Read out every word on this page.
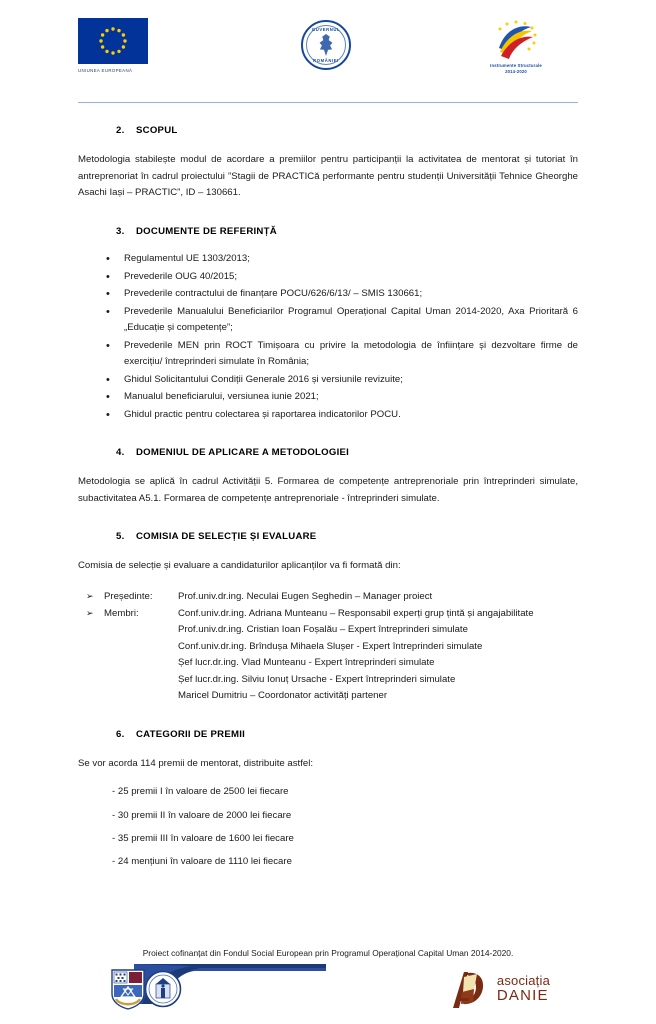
UNIUNEA EUROPEANĂ
GUVERNUL
ROMÂNIEI
Instrumente Structurale
2014-2020
2. SCOPUL

Metodologia stabilește modul de acordare a premiilor pentru participanții la activitatea de mentorat și tutoriat în antreprenoriat în cadrul proiectului ”Stagii de PRACTICă performante pentru studenții Universității Tehnice Gheorghe Asachi Iași – PRACTIC”, ID – 130661.

3. DOCUMENTE DE REFERINȚĂ
• Regulamentul UE 1303/2013;
• Prevederile OUG 40/2015;
• Prevederile contractului de finanțare POCU/626/6/13/ – SMIS 130661;
• Prevederile Manualului Beneficiarilor Programul Operațional Capital Uman 2014-2020, Axa Prioritară 6 „Educație și competențe”;
• Prevederile MEN prin ROCT Timișoara cu privire la metodologia de înființare și dezvoltare firme de exercițiu/ întreprinderi simulate în România;
• Ghidul Solicitantului Condiții Generale 2016 și versiunile revizuite;
• Manualul beneficiarului, versiunea iunie 2021;
• Ghidul practic pentru colectarea și raportarea indicatorilor POCU.
4. DOMENIUL DE APLICARE A METODOLOGIEI

Metodologia se aplică în cadrul Activității 5. Formarea de competențe antreprenoriale prin întreprinderi simulate, subactivitatea A5.1. Formarea de competențe antreprenoriale - întreprinderi simulate.

5. COMISIA DE SELECȚIE ȘI EVALUARE

Comisia de selecție și evaluare a candidaturilor aplicanților va fi formată din:

➢	Președinte:	Prof.univ.dr.ing. Neculai Eugen Seghedin – Manager proiect
➢	Membri:	Conf.univ.dr.ing. Adriana Munteanu – Responsabil experți grup țintă și angajabilitate
Prof.univ.dr.ing. Cristian Ioan Foșalău – Expert întreprinderi simulate
Conf.univ.dr.ing. Brîndușa Mihaela Slușer - Expert întreprinderi simulate
Șef lucr.dr.ing. Vlad Munteanu - Expert întreprinderi simulate
Șef lucr.dr.ing. Silviu Ionuț Ursache - Expert întreprinderi simulate
Maricel Dumitriu – Coordonator activități partener
6. CATEGORII DE PREMII

Se vor acorda 114 premii de mentorat, distribuite astfel:

- 25 premii I în valoare de 2500 lei fiecare
- 30 premii II în valoare de 2000 lei fiecare
- 35 premii III în valoare de 1600 lei fiecare
- 24 mențiuni în valoare de 1110 lei fiecare

Proiect cofinanțat din Fondul Social European prin Programul Operațional Capital Uman 2014-2020.

UNIVERSITATEA TEHNICĂ
„GHEORGHE ASACHI” DIN IAȘI
asociația
DANIE
